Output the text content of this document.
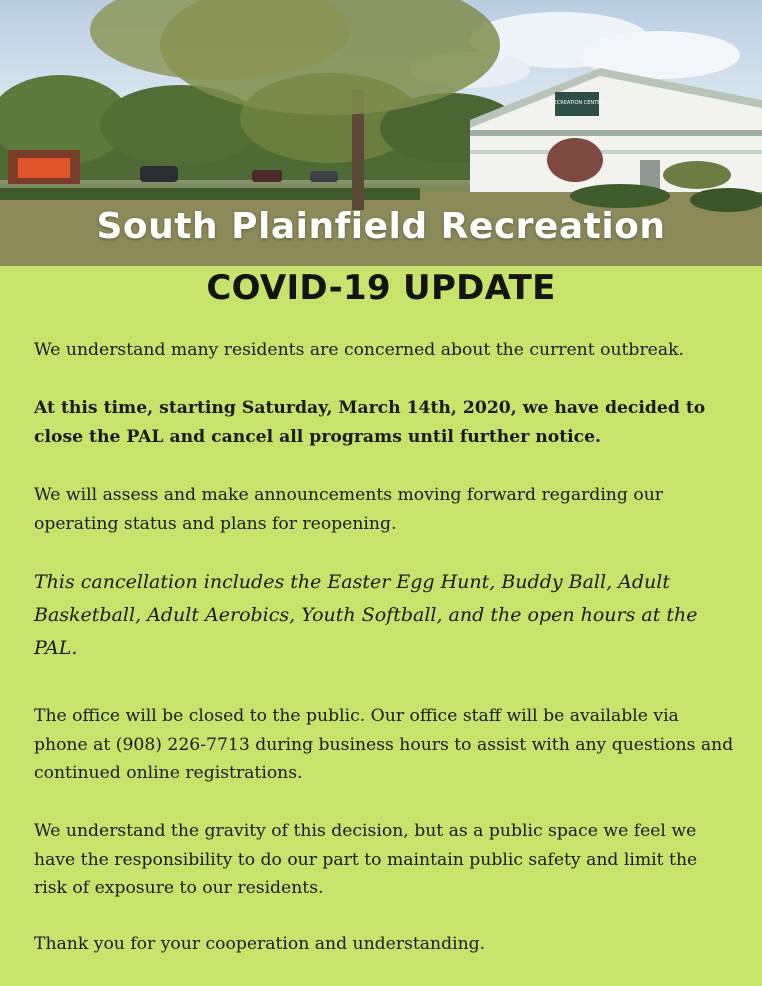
RECREATION CENTER
South Plainfield Recreation
COVID-19 UPDATE

We understand many residents are concerned about the current outbreak.

At this time, starting Saturday, March 14th, 2020, we have decided to close the PAL and cancel all programs until further notice.

We will assess and make announcements moving forward regarding our operating status and plans for reopening.

This cancellation includes the Easter Egg Hunt, Buddy Ball, Adult Basketball, Adult Aerobics, Youth Softball, and the open hours at the PAL.

The office will be closed to the public. Our office staff will be available via phone at (908) 226-7713 during business hours to assist with any questions and continued online registrations.

We understand the gravity of this decision, but as a public space we feel we have the responsibility to do our part to maintain public safety and limit the risk of exposure to our residents.

Thank you for your cooperation and understanding.
